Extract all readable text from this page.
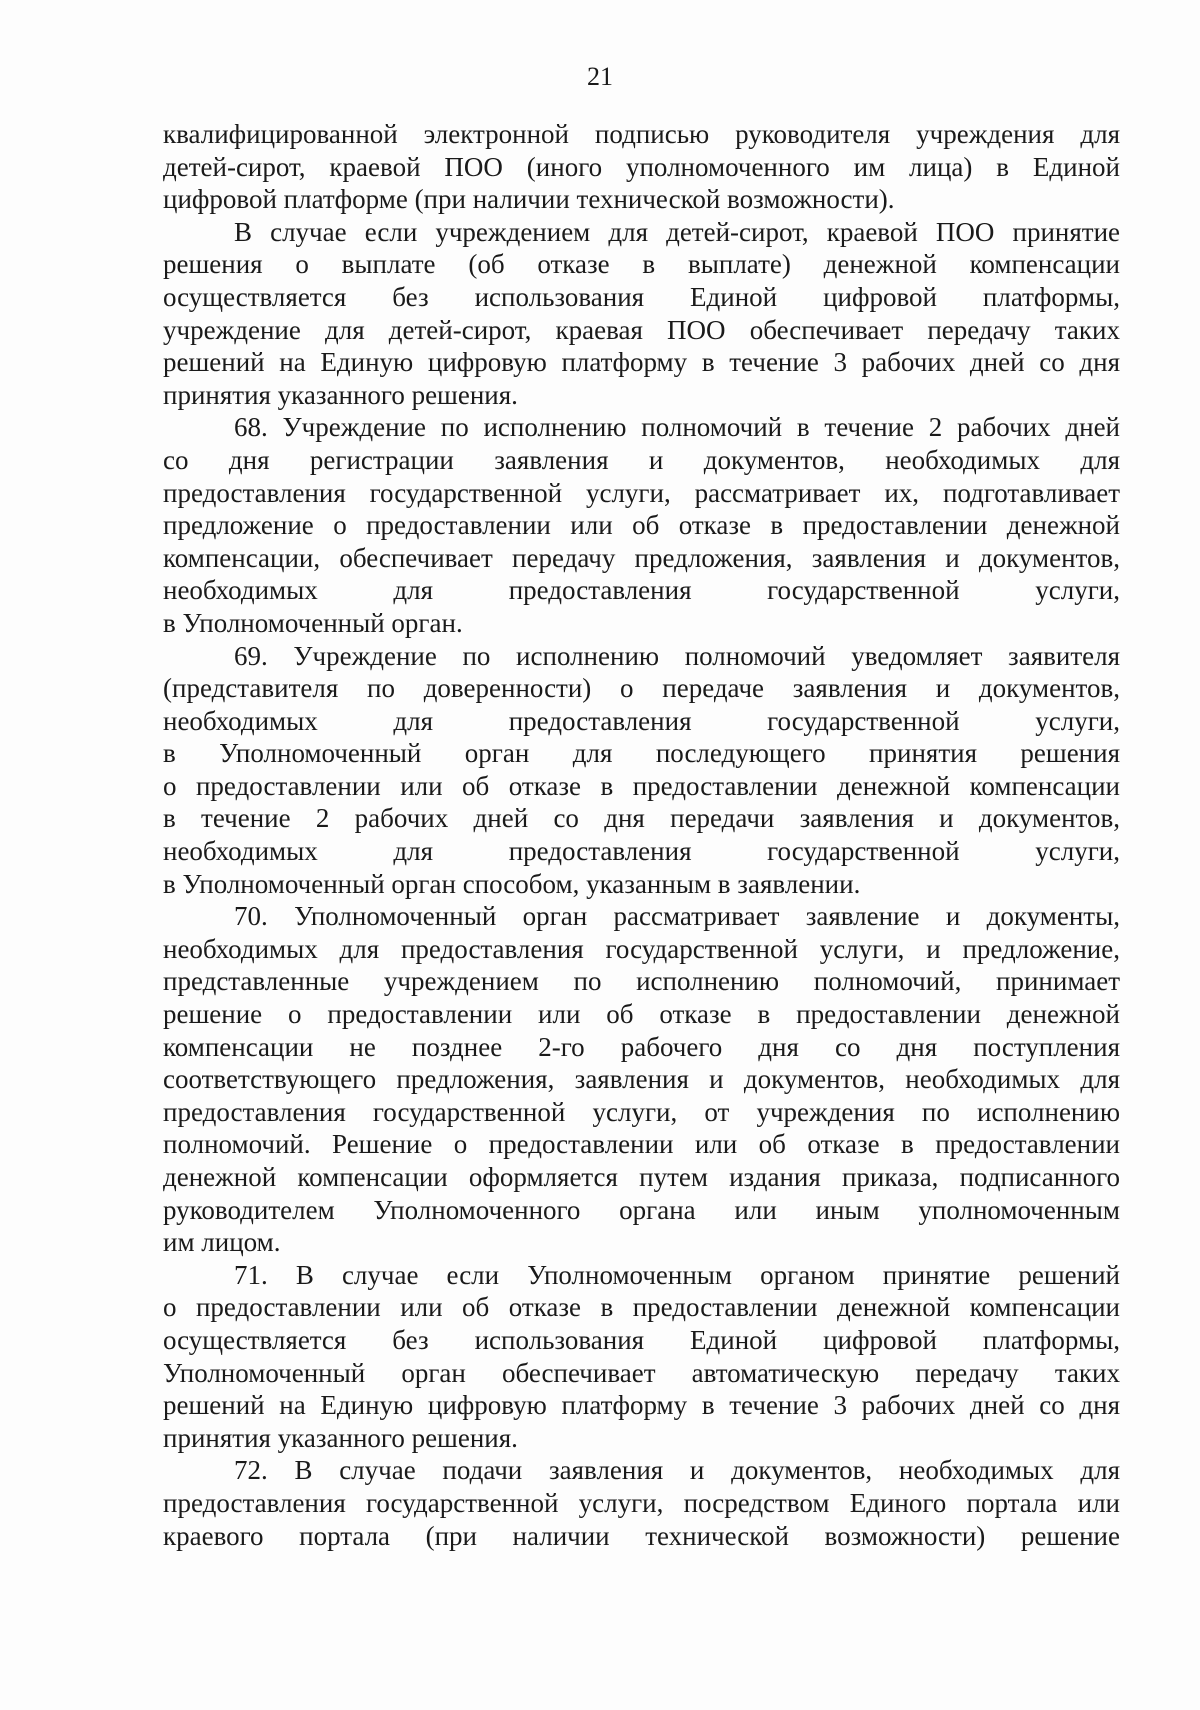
21
квалифицированной электронной подписью руководителя учреждения для
детей-сирот, краевой ПОО (иного уполномоченного им лица) в Единой
цифровой платформе (при наличии технической возможности).
В случае если учреждением для детей-сирот, краевой ПОО принятие
решения о выплате (об отказе в выплате) денежной компенсации
осуществляется без использования Единой цифровой платформы,
учреждение для детей-сирот, краевая ПОО обеспечивает передачу таких
решений на Единую цифровую платформу в течение 3 рабочих дней со дня
принятия указанного решения.
68. Учреждение по исполнению полномочий в течение 2 рабочих дней
со дня регистрации заявления и документов, необходимых для
предоставления государственной услуги, рассматривает их, подготавливает
предложение о предоставлении или об отказе в предоставлении денежной
компенсации, обеспечивает передачу предложения, заявления и документов,
необходимых для предоставления государственной услуги,
в Уполномоченный орган.
69. Учреждение по исполнению полномочий уведомляет заявителя
(представителя по доверенности) о передаче заявления и документов,
необходимых для предоставления государственной услуги,
в Уполномоченный орган для последующего принятия решения
о предоставлении или об отказе в предоставлении денежной компенсации
в течение 2 рабочих дней со дня передачи заявления и документов,
необходимых для предоставления государственной услуги,
в Уполномоченный орган способом, указанным в заявлении.
70. Уполномоченный орган рассматривает заявление и документы,
необходимых для предоставления государственной услуги, и предложение,
представленные учреждением по исполнению полномочий, принимает
решение о предоставлении или об отказе в предоставлении денежной
компенсации не позднее 2-го рабочего дня со дня поступления
соответствующего предложения, заявления и документов, необходимых для
предоставления государственной услуги, от учреждения по исполнению
полномочий. Решение о предоставлении или об отказе в предоставлении
денежной компенсации оформляется путем издания приказа, подписанного
руководителем Уполномоченного органа или иным уполномоченным
им лицом.
71. В случае если Уполномоченным органом принятие решений
о предоставлении или об отказе в предоставлении денежной компенсации
осуществляется без использования Единой цифровой платформы,
Уполномоченный орган обеспечивает автоматическую передачу таких
решений на Единую цифровую платформу в течение 3 рабочих дней со дня
принятия указанного решения.
72. В случае подачи заявления и документов, необходимых для
предоставления государственной услуги, посредством Единого портала или
краевого портала (при наличии технической возможности) решение
